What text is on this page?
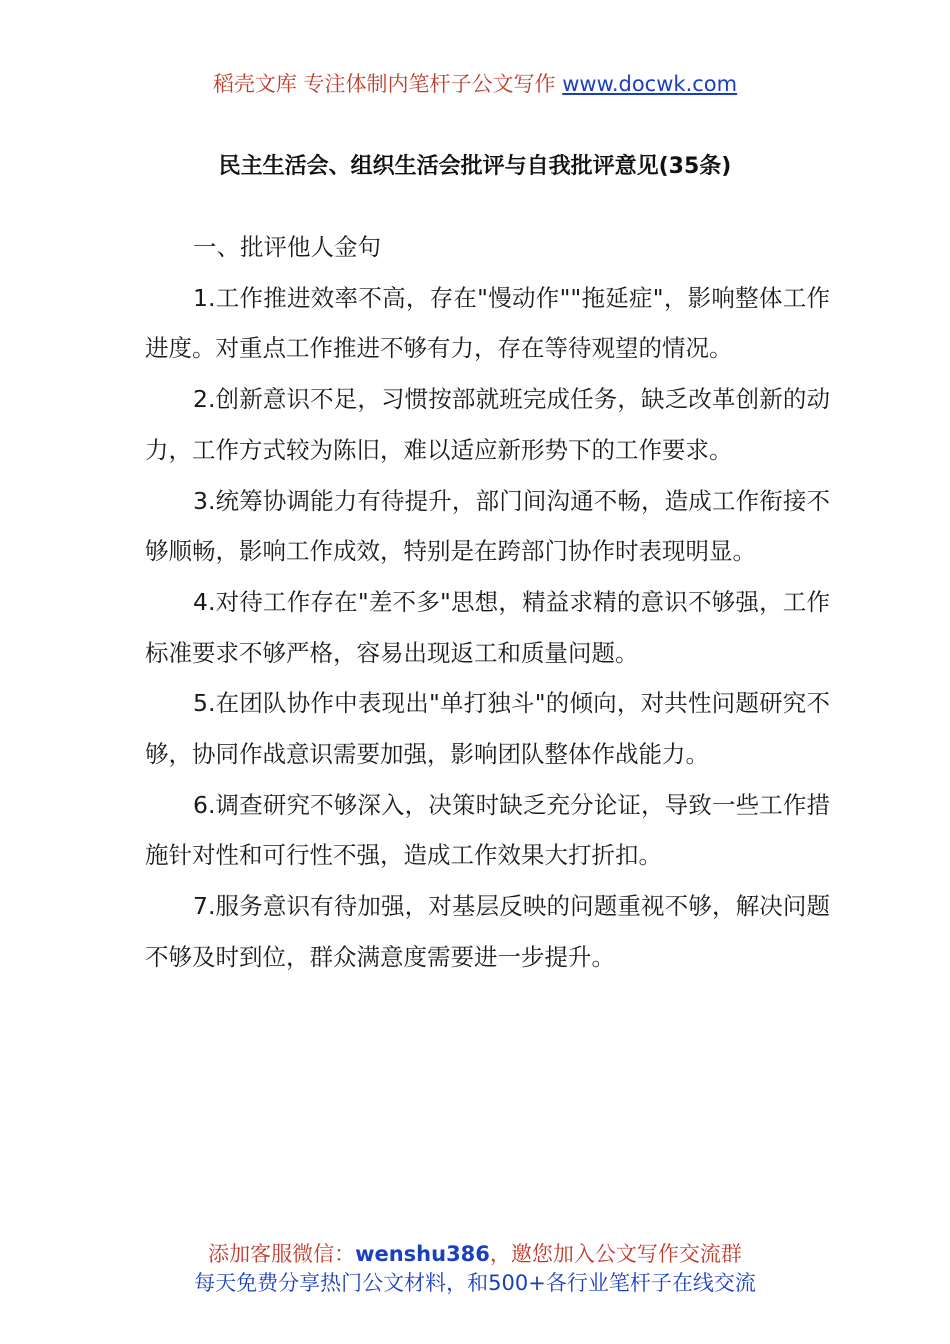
稻壳文库 专注体制内笔杆子公文写作 www.docwk.com
民主生活会、组织生活会批评与自我批评意见(35条)

一、批评他人金句

1.工作推进效率不高，存在"慢动作""拖延症"，影响整体工作进度。对重点工作推进不够有力，存在等待观望的情况。

2.创新意识不足，习惯按部就班完成任务，缺乏改革创新的动力，工作方式较为陈旧，难以适应新形势下的工作要求。

3.统筹协调能力有待提升，部门间沟通不畅，造成工作衔接不够顺畅，影响工作成效，特别是在跨部门协作时表现明显。

4.对待工作存在"差不多"思想，精益求精的意识不够强，工作标准要求不够严格，容易出现返工和质量问题。

5.在团队协作中表现出"单打独斗"的倾向，对共性问题研究不够，协同作战意识需要加强，影响团队整体作战能力。

6.调查研究不够深入，决策时缺乏充分论证，导致一些工作措施针对性和可行性不强，造成工作效果大打折扣。

7.服务意识有待加强，对基层反映的问题重视不够，解决问题不够及时到位，群众满意度需要进一步提升。

添加客服微信：wenshu386，邀您加入公文写作交流群
每天免费分享热门公文材料，和500+各行业笔杆子在线交流
